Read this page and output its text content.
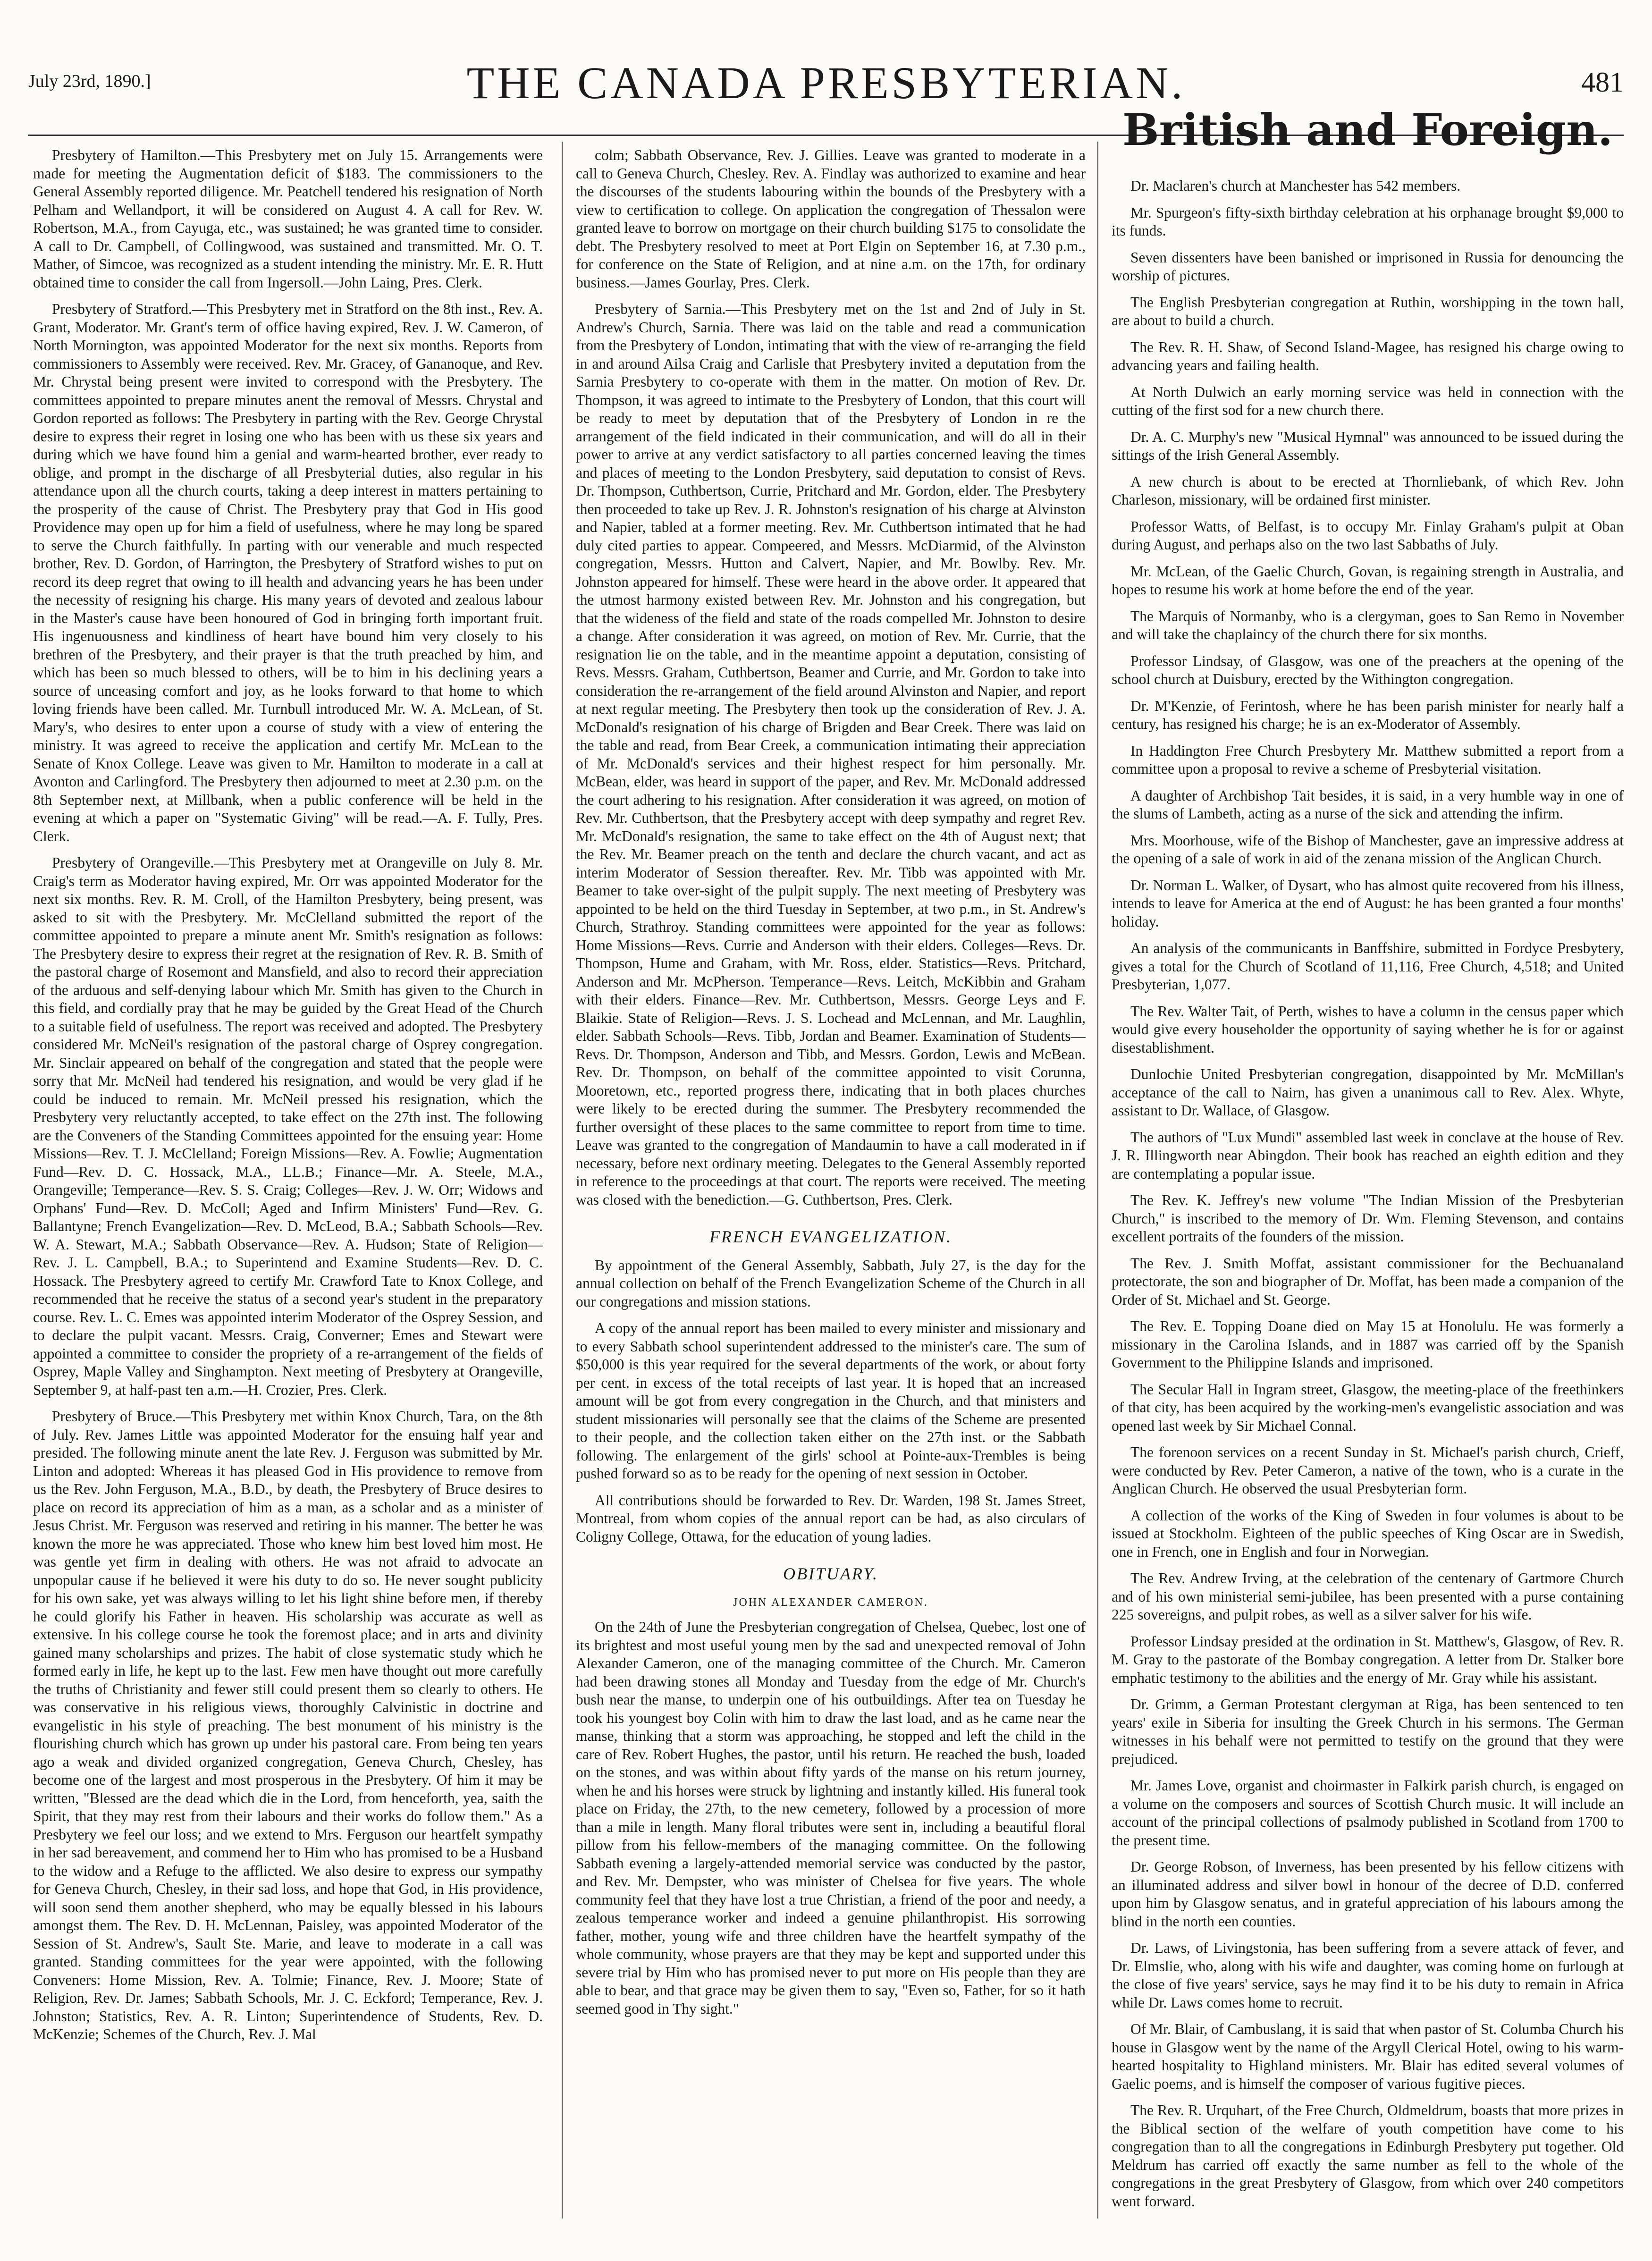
July 23rd, 1890.]	THE CANADA PRESBYTERIAN.	481

Presbytery of Hamilton.—This Presbytery met on July 15. Arrangements were made for meeting the Augmentation deficit of $183. The commissioners to the General Assembly reported diligence. Mr. Peatchell tendered his resignation of North Pelham and Wellandport, it will be considered on August 4. A call for Rev. W. Robertson, M.A., from Cayuga, etc., was sustained; he was granted time to consider. A call to Dr. Campbell, of Collingwood, was sustained and transmitted. Mr. O. T. Mather, of Simcoe, was recognized as a student intending the ministry. Mr. E. R. Hutt obtained time to consider the call from Ingersoll.—John Laing, Pres. Clerk.

Presbytery of Stratford.—This Presbytery met in Stratford on the 8th inst., Rev. A. Grant, Moderator. Mr. Grant's term of office having expired, Rev. J. W. Cameron, of North Mornington, was appointed Moderator for the next six months. Reports from commissioners to Assembly were received. Rev. Mr. Gracey, of Gananoque, and Rev. Mr. Chrystal being present were invited to correspond with the Presbytery. The committees appointed to prepare minutes anent the removal of Messrs. Chrystal and Gordon reported as follows: The Presbytery in parting with the Rev. George Chrystal desire to express their regret in losing one who has been with us these six years and during which we have found him a genial and warm-hearted brother, ever ready to oblige, and prompt in the discharge of all Presbyterial duties, also regular in his attendance upon all the church courts, taking a deep interest in matters pertaining to the prosperity of the cause of Christ. The Presbytery pray that God in His good Providence may open up for him a field of usefulness, where he may long be spared to serve the Church faithfully. In parting with our venerable and much respected brother, Rev. D. Gordon, of Harrington, the Presbytery of Stratford wishes to put on record its deep regret that owing to ill health and advancing years he has been under the necessity of resigning his charge. His many years of devoted and zealous labour in the Master's cause have been honoured of God in bringing forth important fruit. His ingenuousness and kindliness of heart have bound him very closely to his brethren of the Presbytery, and their prayer is that the truth preached by him, and which has been so much blessed to others, will be to him in his declining years a source of unceasing comfort and joy, as he looks forward to that home to which loving friends have been called. Mr. Turnbull introduced Mr. W. A. McLean, of St. Mary's, who desires to enter upon a course of study with a view of entering the ministry. It was agreed to receive the application and certify Mr. McLean to the Senate of Knox College. Leave was given to Mr. Hamilton to moderate in a call at Avonton and Carlingford. The Presbytery then adjourned to meet at 2.30 p.m. on the 8th September next, at Millbank, when a public conference will be held in the evening at which a paper on "Systematic Giving" will be read.—A. F. Tully, Pres. Clerk.

Presbytery of Orangeville.—This Presbytery met at Orangeville on July 8. Mr. Craig's term as Moderator having expired, Mr. Orr was appointed Moderator for the next six months. Rev. R. M. Croll, of the Hamilton Presbytery, being present, was asked to sit with the Presbytery. Mr. McClelland submitted the report of the committee appointed to prepare a minute anent Mr. Smith's resignation as follows: The Presbytery desire to express their regret at the resignation of Rev. R. B. Smith of the pastoral charge of Rosemont and Mansfield, and also to record their appreciation of the arduous and self-denying labour which Mr. Smith has given to the Church in this field, and cordially pray that he may be guided by the Great Head of the Church to a suitable field of usefulness. The report was received and adopted. The Presbytery considered Mr. McNeil's resignation of the pastoral charge of Osprey congregation. Mr. Sinclair appeared on behalf of the congregation and stated that the people were sorry that Mr. McNeil had tendered his resignation, and would be very glad if he could be induced to remain. Mr. McNeil pressed his resignation, which the Presbytery very reluctantly accepted, to take effect on the 27th inst. The following are the Conveners of the Standing Committees appointed for the ensuing year: Home Missions—Rev. T. J. McClelland; Foreign Missions—Rev. A. Fowlie; Augmentation Fund—Rev. D. C. Hossack, M.A., LL.B.; Finance—Mr. A. Steele, M.A., Orangeville; Temperance—Rev. S. S. Craig; Colleges—Rev. J. W. Orr; Widows and Orphans' Fund—Rev. D. McColl; Aged and Infirm Ministers' Fund—Rev. G. Ballantyne; French Evangelization—Rev. D. McLeod, B.A.; Sabbath Schools—Rev. W. A. Stewart, M.A.; Sabbath Observance—Rev. A. Hudson; State of Religion—Rev. J. L. Campbell, B.A.; to Superintend and Examine Students—Rev. D. C. Hossack. The Presbytery agreed to certify Mr. Crawford Tate to Knox College, and recommended that he receive the status of a second year's student in the preparatory course. Rev. L. C. Emes was appointed interim Moderator of the Osprey Session, and to declare the pulpit vacant. Messrs. Craig, Converner; Emes and Stewart were appointed a committee to consider the propriety of a re-arrangement of the fields of Osprey, Maple Valley and Singhampton. Next meeting of Presbytery at Orangeville, September 9, at half-past ten a.m.—H. Crozier, Pres. Clerk.

Presbytery of Bruce.—This Presbytery met within Knox Church, Tara, on the 8th of July. Rev. James Little was appointed Moderator for the ensuing half year and presided. The following minute anent the late Rev. J. Ferguson was submitted by Mr. Linton and adopted: Whereas it has pleased God in His providence to remove from us the Rev. John Ferguson, M.A., B.D., by death, the Presbytery of Bruce desires to place on record its appreciation of him as a man, as a scholar and as a minister of Jesus Christ. Mr. Ferguson was reserved and retiring in his manner. The better he was known the more he was appreciated. Those who knew him best loved him most. He was gentle yet firm in dealing with others. He was not afraid to advocate an unpopular cause if he believed it were his duty to do so. He never sought publicity for his own sake, yet was always willing to let his light shine before men, if thereby he could glorify his Father in heaven. His scholarship was accurate as well as extensive. In his college course he took the foremost place; and in arts and divinity gained many scholarships and prizes. The habit of close systematic study which he formed early in life, he kept up to the last. Few men have thought out more carefully the truths of Christianity and fewer still could present them so clearly to others. He was conservative in his religious views, thoroughly Calvinistic in doctrine and evangelistic in his style of preaching. The best monument of his ministry is the flourishing church which has grown up under his pastoral care. From being ten years ago a weak and divided organized congregation, Geneva Church, Chesley, has become one of the largest and most prosperous in the Presbytery. Of him it may be written, "Blessed are the dead which die in the Lord, from henceforth, yea, saith the Spirit, that they may rest from their labours and their works do follow them." As a Presbytery we feel our loss; and we extend to Mrs. Ferguson our heartfelt sympathy in her sad bereavement, and commend her to Him who has promised to be a Husband to the widow and a Refuge to the afflicted. We also desire to express our sympathy for Geneva Church, Chesley, in their sad loss, and hope that God, in His providence, will soon send them another shepherd, who may be equally blessed in his labours amongst them. The Rev. D. H. McLennan, Paisley, was appointed Moderator of the Session of St. Andrew's, Sault Ste. Marie, and leave to moderate in a call was granted. Standing committees for the year were appointed, with the following Conveners: Home Mission, Rev. A. Tolmie; Finance, Rev. J. Moore; State of Religion, Rev. Dr. James; Sabbath Schools, Mr. J. C. Eckford; Temperance, Rev. J. Johnston; Statistics, Rev. A. R. Linton; Superintendence of Students, Rev. D. McKenzie; Schemes of the Church, Rev. J. Mal

colm; Sabbath Observance, Rev. J. Gillies. Leave was granted to moderate in a call to Geneva Church, Chesley. Rev. A. Findlay was authorized to examine and hear the discourses of the students labouring within the bounds of the Presbytery with a view to certification to college. On application the congregation of Thessalon were granted leave to borrow on mortgage on their church building $175 to consolidate the debt. The Presbytery resolved to meet at Port Elgin on September 16, at 7.30 p.m., for conference on the State of Religion, and at nine a.m. on the 17th, for ordinary business.—James Gourlay, Pres. Clerk.

Presbytery of Sarnia.—This Presbytery met on the 1st and 2nd of July in St. Andrew's Church, Sarnia. There was laid on the table and read a communication from the Presbytery of London, intimating that with the view of re-arranging the field in and around Ailsa Craig and Carlisle that Presbytery invited a deputation from the Sarnia Presbytery to co-operate with them in the matter. On motion of Rev. Dr. Thompson, it was agreed to intimate to the Presbytery of London, that this court will be ready to meet by deputation that of the Presbytery of London in re the arrangement of the field indicated in their communication, and will do all in their power to arrive at any verdict satisfactory to all parties concerned leaving the times and places of meeting to the London Presbytery, said deputation to consist of Revs. Dr. Thompson, Cuthbertson, Currie, Pritchard and Mr. Gordon, elder. The Presbytery then proceeded to take up Rev. J. R. Johnston's resignation of his charge at Alvinston and Napier, tabled at a former meeting. Rev. Mr. Cuthbertson intimated that he had duly cited parties to appear. Compeered, and Messrs. McDiarmid, of the Alvinston congregation, Messrs. Hutton and Calvert, Napier, and Mr. Bowlby. Rev. Mr. Johnston appeared for himself. These were heard in the above order. It appeared that the utmost harmony existed between Rev. Mr. Johnston and his congregation, but that the wideness of the field and state of the roads compelled Mr. Johnston to desire a change. After consideration it was agreed, on motion of Rev. Mr. Currie, that the resignation lie on the table, and in the meantime appoint a deputation, consisting of Revs. Messrs. Graham, Cuthbertson, Beamer and Currie, and Mr. Gordon to take into consideration the re-arrangement of the field around Alvinston and Napier, and report at next regular meeting. The Presbytery then took up the consideration of Rev. J. A. McDonald's resignation of his charge of Brigden and Bear Creek. There was laid on the table and read, from Bear Creek, a communication intimating their appreciation of Mr. McDonald's services and their highest respect for him personally. Mr. McBean, elder, was heard in support of the paper, and Rev. Mr. McDonald addressed the court adhering to his resignation. After consideration it was agreed, on motion of Rev. Mr. Cuthbertson, that the Presbytery accept with deep sympathy and regret Rev. Mr. McDonald's resignation, the same to take effect on the 4th of August next; that the Rev. Mr. Beamer preach on the tenth and declare the church vacant, and act as interim Moderator of Session thereafter. Rev. Mr. Tibb was appointed with Mr. Beamer to take over-sight of the pulpit supply. The next meeting of Presbytery was appointed to be held on the third Tuesday in September, at two p.m., in St. Andrew's Church, Strathroy. Standing committees were appointed for the year as follows: Home Missions—Revs. Currie and Anderson with their elders. Colleges—Revs. Dr. Thompson, Hume and Graham, with Mr. Ross, elder. Statistics—Revs. Pritchard, Anderson and Mr. McPherson. Temperance—Revs. Leitch, McKibbin and Graham with their elders. Finance—Rev. Mr. Cuthbertson, Messrs. George Leys and F. Blaikie. State of Religion—Revs. J. S. Lochead and McLennan, and Mr. Laughlin, elder. Sabbath Schools—Revs. Tibb, Jordan and Beamer. Examination of Students—Revs. Dr. Thompson, Anderson and Tibb, and Messrs. Gordon, Lewis and McBean. Rev. Dr. Thompson, on behalf of the committee appointed to visit Corunna, Mooretown, etc., reported progress there, indicating that in both places churches were likely to be erected during the summer. The Presbytery recommended the further oversight of these places to the same committee to report from time to time. Leave was granted to the congregation of Mandaumin to have a call moderated in if necessary, before next ordinary meeting. Delegates to the General Assembly reported in reference to the proceedings at that court. The reports were received. The meeting was closed with the benediction.—G. Cuthbertson, Pres. Clerk.

FRENCH EVANGELIZATION.

By appointment of the General Assembly, Sabbath, July 27, is the day for the annual collection on behalf of the French Evangelization Scheme of the Church in all our congregations and mission stations.

A copy of the annual report has been mailed to every minister and missionary and to every Sabbath school superintendent addressed to the minister's care. The sum of $50,000 is this year required for the several departments of the work, or about forty per cent. in excess of the total receipts of last year. It is hoped that an increased amount will be got from every congregation in the Church, and that ministers and student missionaries will personally see that the claims of the Scheme are presented to their people, and the collection taken either on the 27th inst. or the Sabbath following. The enlargement of the girls' school at Pointe-aux-Trembles is being pushed forward so as to be ready for the opening of next session in October.

All contributions should be forwarded to Rev. Dr. Warden, 198 St. James Street, Montreal, from whom copies of the annual report can be had, as also circulars of Coligny College, Ottawa, for the education of young ladies.

OBITUARY.
JOHN ALEXANDER CAMERON.

On the 24th of June the Presbyterian congregation of Chelsea, Quebec, lost one of its brightest and most useful young men by the sad and unexpected removal of John Alexander Cameron, one of the managing committee of the Church. Mr. Cameron had been drawing stones all Monday and Tuesday from the edge of Mr. Church's bush near the manse, to underpin one of his outbuildings. After tea on Tuesday he took his youngest boy Colin with him to draw the last load, and as he came near the manse, thinking that a storm was approaching, he stopped and left the child in the care of Rev. Robert Hughes, the pastor, until his return. He reached the bush, loaded on the stones, and was within about fifty yards of the manse on his return journey, when he and his horses were struck by lightning and instantly killed. His funeral took place on Friday, the 27th, to the new cemetery, followed by a procession of more than a mile in length. Many floral tributes were sent in, including a beautiful floral pillow from his fellow-members of the managing committee. On the following Sabbath evening a largely-attended memorial service was conducted by the pastor, and Rev. Mr. Dempster, who was minister of Chelsea for five years. The whole community feel that they have lost a true Christian, a friend of the poor and needy, a zealous temperance worker and indeed a genuine philanthropist. His sorrowing father, mother, young wife and three children have the heartfelt sympathy of the whole community, whose prayers are that they may be kept and supported under this severe trial by Him who has promised never to put more on His people than they are able to bear, and that grace may be given them to say, "Even so, Father, for so it hath seemed good in Thy sight."

British and Foreign.

Dr. Maclaren's church at Manchester has 542 members.

Mr. Spurgeon's fifty-sixth birthday celebration at his orphanage brought $9,000 to its funds.

Seven dissenters have been banished or imprisoned in Russia for denouncing the worship of pictures.

The English Presbyterian congregation at Ruthin, worshipping in the town hall, are about to build a church.

The Rev. R. H. Shaw, of Second Island-Magee, has resigned his charge owing to advancing years and failing health.

At North Dulwich an early morning service was held in connection with the cutting of the first sod for a new church there.

Dr. A. C. Murphy's new "Musical Hymnal" was announced to be issued during the sittings of the Irish General Assembly.

A new church is about to be erected at Thornliebank, of which Rev. John Charleson, missionary, will be ordained first minister.

Professor Watts, of Belfast, is to occupy Mr. Finlay Graham's pulpit at Oban during August, and perhaps also on the two last Sabbaths of July.

Mr. McLean, of the Gaelic Church, Govan, is regaining strength in Australia, and hopes to resume his work at home before the end of the year.

The Marquis of Normanby, who is a clergyman, goes to San Remo in November and will take the chaplaincy of the church there for six months.

Professor Lindsay, of Glasgow, was one of the preachers at the opening of the school church at Duisbury, erected by the Withington congregation.

Dr. M'Kenzie, of Ferintosh, where he has been parish minister for nearly half a century, has resigned his charge; he is an ex-Moderator of Assembly.

In Haddington Free Church Presbytery Mr. Matthew submitted a report from a committee upon a proposal to revive a scheme of Presbyterial visitation.

A daughter of Archbishop Tait besides, it is said, in a very humble way in one of the slums of Lambeth, acting as a nurse of the sick and attending the infirm.

Mrs. Moorhouse, wife of the Bishop of Manchester, gave an impressive address at the opening of a sale of work in aid of the zenana mission of the Anglican Church.

Dr. Norman L. Walker, of Dysart, who has almost quite recovered from his illness, intends to leave for America at the end of August: he has been granted a four months' holiday.

An analysis of the communicants in Banffshire, submitted in Fordyce Presbytery, gives a total for the Church of Scotland of 11,116, Free Church, 4,518; and United Presbyterian, 1,077.

The Rev. Walter Tait, of Perth, wishes to have a column in the census paper which would give every householder the opportunity of saying whether he is for or against disestablishment.

Dunlochie United Presbyterian congregation, disappointed by Mr. McMillan's acceptance of the call to Nairn, has given a unanimous call to Rev. Alex. Whyte, assistant to Dr. Wallace, of Glasgow.

The authors of "Lux Mundi" assembled last week in conclave at the house of Rev. J. R. Illingworth near Abingdon. Their book has reached an eighth edition and they are contemplating a popular issue.

The Rev. K. Jeffrey's new volume "The Indian Mission of the Presbyterian Church," is inscribed to the memory of Dr. Wm. Fleming Stevenson, and contains excellent portraits of the founders of the mission.

The Rev. J. Smith Moffat, assistant commissioner for the Bechuanaland protectorate, the son and biographer of Dr. Moffat, has been made a companion of the Order of St. Michael and St. George.

The Rev. E. Topping Doane died on May 15 at Honolulu. He was formerly a missionary in the Carolina Islands, and in 1887 was carried off by the Spanish Government to the Philippine Islands and imprisoned.

The Secular Hall in Ingram street, Glasgow, the meeting-place of the freethinkers of that city, has been acquired by the working-men's evangelistic association and was opened last week by Sir Michael Connal.

The forenoon services on a recent Sunday in St. Michael's parish church, Crieff, were conducted by Rev. Peter Cameron, a native of the town, who is a curate in the Anglican Church. He observed the usual Presbyterian form.

A collection of the works of the King of Sweden in four volumes is about to be issued at Stockholm. Eighteen of the public speeches of King Oscar are in Swedish, one in French, one in English and four in Norwegian.

The Rev. Andrew Irving, at the celebration of the centenary of Gartmore Church and of his own ministerial semi-jubilee, has been presented with a purse containing 225 sovereigns, and pulpit robes, as well as a silver salver for his wife.

Professor Lindsay presided at the ordination in St. Matthew's, Glasgow, of Rev. R. M. Gray to the pastorate of the Bombay congregation. A letter from Dr. Stalker bore emphatic testimony to the abilities and the energy of Mr. Gray while his assistant.

Dr. Grimm, a German Protestant clergyman at Riga, has been sentenced to ten years' exile in Siberia for insulting the Greek Church in his sermons. The German witnesses in his behalf were not permitted to testify on the ground that they were prejudiced.

Mr. James Love, organist and choirmaster in Falkirk parish church, is engaged on a volume on the composers and sources of Scottish Church music. It will include an account of the principal collections of psalmody published in Scotland from 1700 to the present time.

Dr. George Robson, of Inverness, has been presented by his fellow citizens with an illuminated address and silver bowl in honour of the decree of D.D. conferred upon him by Glasgow senatus, and in grateful appreciation of his labours among the blind in the north een counties.

Dr. Laws, of Livingstonia, has been suffering from a severe attack of fever, and Dr. Elmslie, who, along with his wife and daughter, was coming home on furlough at the close of five years' service, says he may find it to be his duty to remain in Africa while Dr. Laws comes home to recruit.

Of Mr. Blair, of Cambuslang, it is said that when pastor of St. Columba Church his house in Glasgow went by the name of the Argyll Clerical Hotel, owing to his warm-hearted hospitality to Highland ministers. Mr. Blair has edited several volumes of Gaelic poems, and is himself the composer of various fugitive pieces.

The Rev. R. Urquhart, of the Free Church, Oldmeldrum, boasts that more prizes in the Biblical section of the welfare of youth competition have come to his congregation than to all the congregations in Edinburgh Presbytery put together. Old Meldrum has carried off exactly the same number as fell to the whole of the congregations in the great Presbytery of Glasgow, from which over 240 competitors went forward.
